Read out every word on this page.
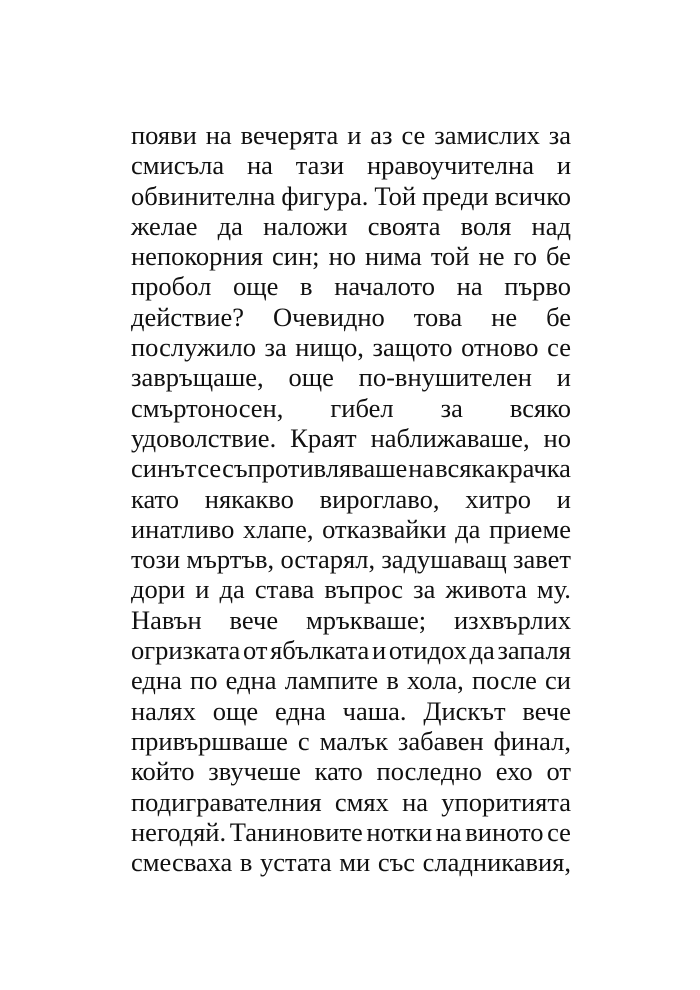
появи на вечерята и аз се замислих за
смисъла на тази нравоучителна и
обвинителна фигура. Той преди всичко
желае да наложи своята воля над
непокорния син; но нима той не го бе
пробол още в началото на първо
действие? Очевидно това не бе
послужило за нищо, защото отново се
завръщаше, още по-внушителен и
смъртоносен, гибел за всяко
удоволствие. Краят наближаваше, но
синът се съпротивляваше на всяка крачка
като някакво вироглаво, хитро и
инатливо хлапе, отказвайки да приеме
този мъртъв, остарял, задушаващ завет
дори и да става въпрос за живота му.
Навън вече мръкваше; изхвърлих
огризката от ябълката и отидох да запаля
една по една лампите в хола, после си
налях още една чаша. Дискът вече
привършваше с малък забавен финал,
който звучеше като последно ехо от
подигравателния смях на упоритията
негодяй. Таниновите нотки на виното се
смесваха в устата ми със сладникавия,
